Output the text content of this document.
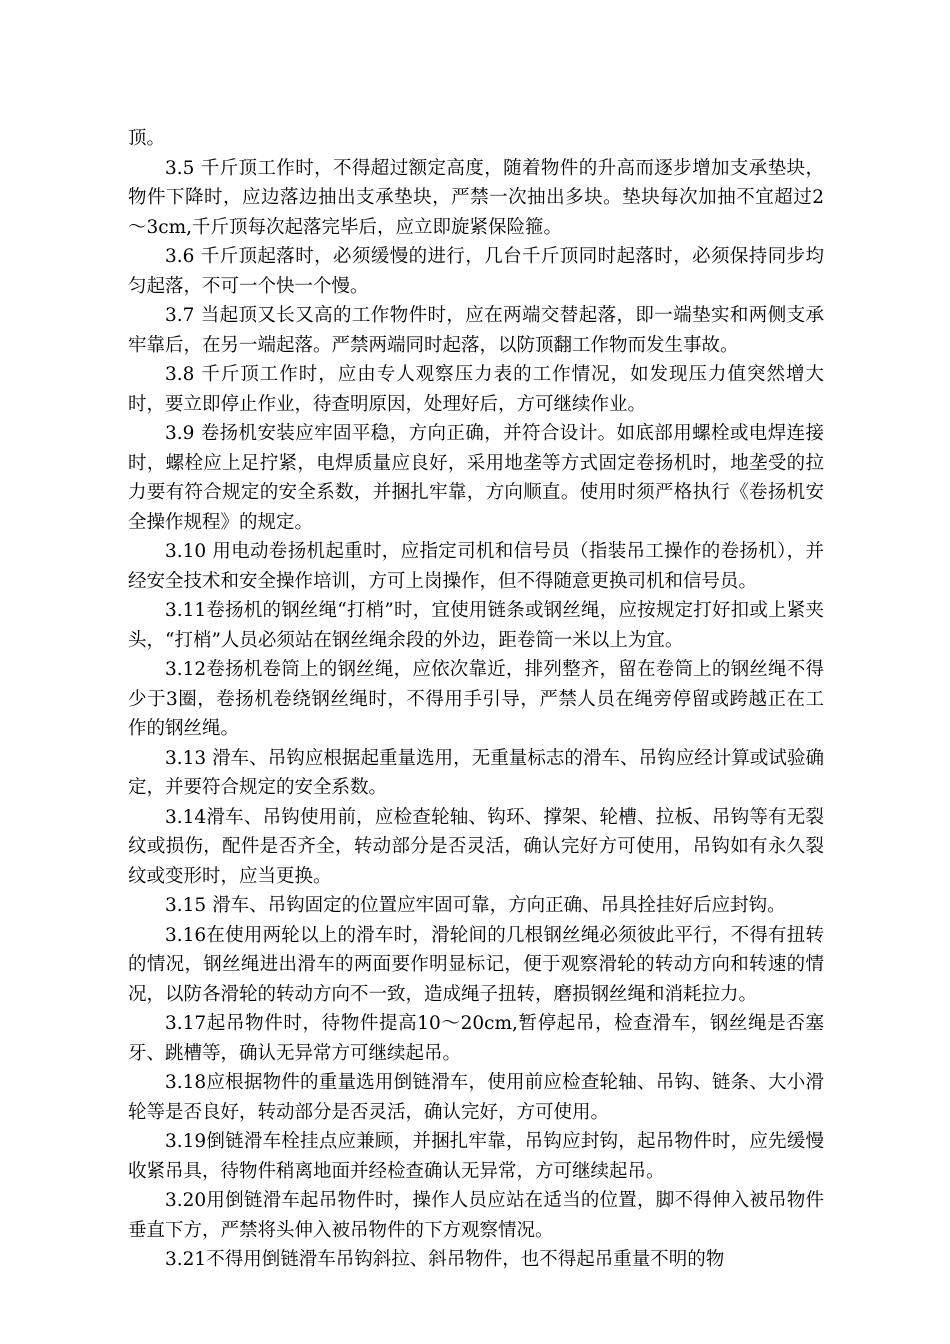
顶。

3.5 千斤顶工作时，不得超过额定高度，随着物件的升高而逐步增加支承垫块，物件下降时，应边落边抽出支承垫块，严禁一次抽出多块。垫块每次加抽不宜超过2～3cm,千斤顶每次起落完毕后，应立即旋紧保险箍。

3.6 千斤顶起落时，必须缓慢的进行，几台千斤顶同时起落时，必须保持同步均匀起落，不可一个快一个慢。

3.7 当起顶又长又高的工作物件时，应在两端交替起落，即一端垫实和两侧支承牢靠后，在另一端起落。严禁两端同时起落，以防顶翻工作物而发生事故。

3.8 千斤顶工作时，应由专人观察压力表的工作情况，如发现压力值突然增大时，要立即停止作业，待查明原因，处理好后，方可继续作业。

3.9 卷扬机安装应牢固平稳，方向正确，并符合设计。如底部用螺栓或电焊连接时，螺栓应上足拧紧，电焊质量应良好，采用地垄等方式固定卷扬机时，地垄受的拉力要有符合规定的安全系数，并捆扎牢靠，方向顺直。使用时须严格执行《卷扬机安全操作规程》的规定。

3.10 用电动卷扬机起重时，应指定司机和信号员（指装吊工操作的卷扬机），并经安全技术和安全操作培训，方可上岗操作，但不得随意更换司机和信号员。

3.11卷扬机的钢丝绳“打梢”时，宜使用链条或钢丝绳，应按规定打好扣或上紧夹头，“打梢”人员必须站在钢丝绳余段的外边，距卷筒一米以上为宜。

3.12卷扬机卷筒上的钢丝绳，应依次靠近，排列整齐，留在卷筒上的钢丝绳不得少于3圈，卷扬机卷绕钢丝绳时，不得用手引导，严禁人员在绳旁停留或跨越正在工作的钢丝绳。

3.13 滑车、吊钩应根据起重量选用，无重量标志的滑车、吊钩应经计算或试验确定，并要符合规定的安全系数。

3.14滑车、吊钩使用前，应检查轮轴、钩环、撑架、轮槽、拉板、吊钩等有无裂纹或损伤，配件是否齐全，转动部分是否灵活，确认完好方可使用，吊钩如有永久裂纹或变形时，应当更换。

3.15 滑车、吊钩固定的位置应牢固可靠，方向正确、吊具拴挂好后应封钩。

3.16在使用两轮以上的滑车时，滑轮间的几根钢丝绳必须彼此平行，不得有扭转的情况，钢丝绳进出滑车的两面要作明显标记，便于观察滑轮的转动方向和转速的情况，以防各滑轮的转动方向不一致，造成绳子扭转，磨损钢丝绳和消耗拉力。

3.17起吊物件时，待物件提高10～20cm,暂停起吊，检查滑车，钢丝绳是否塞牙、跳槽等，确认无异常方可继续起吊。

3.18应根据物件的重量选用倒链滑车，使用前应检查轮轴、吊钩、链条、大小滑轮等是否良好，转动部分是否灵活，确认完好，方可使用。

3.19倒链滑车栓挂点应兼顾，并捆扎牢靠，吊钩应封钩，起吊物件时，应先缓慢收紧吊具，待物件稍离地面并经检查确认无异常，方可继续起吊。

3.20用倒链滑车起吊物件时，操作人员应站在适当的位置，脚不得伸入被吊物件垂直下方，严禁将头伸入被吊物件的下方观察情况。

3.21不得用倒链滑车吊钩斜拉、斜吊物件，也不得起吊重量不明的物
